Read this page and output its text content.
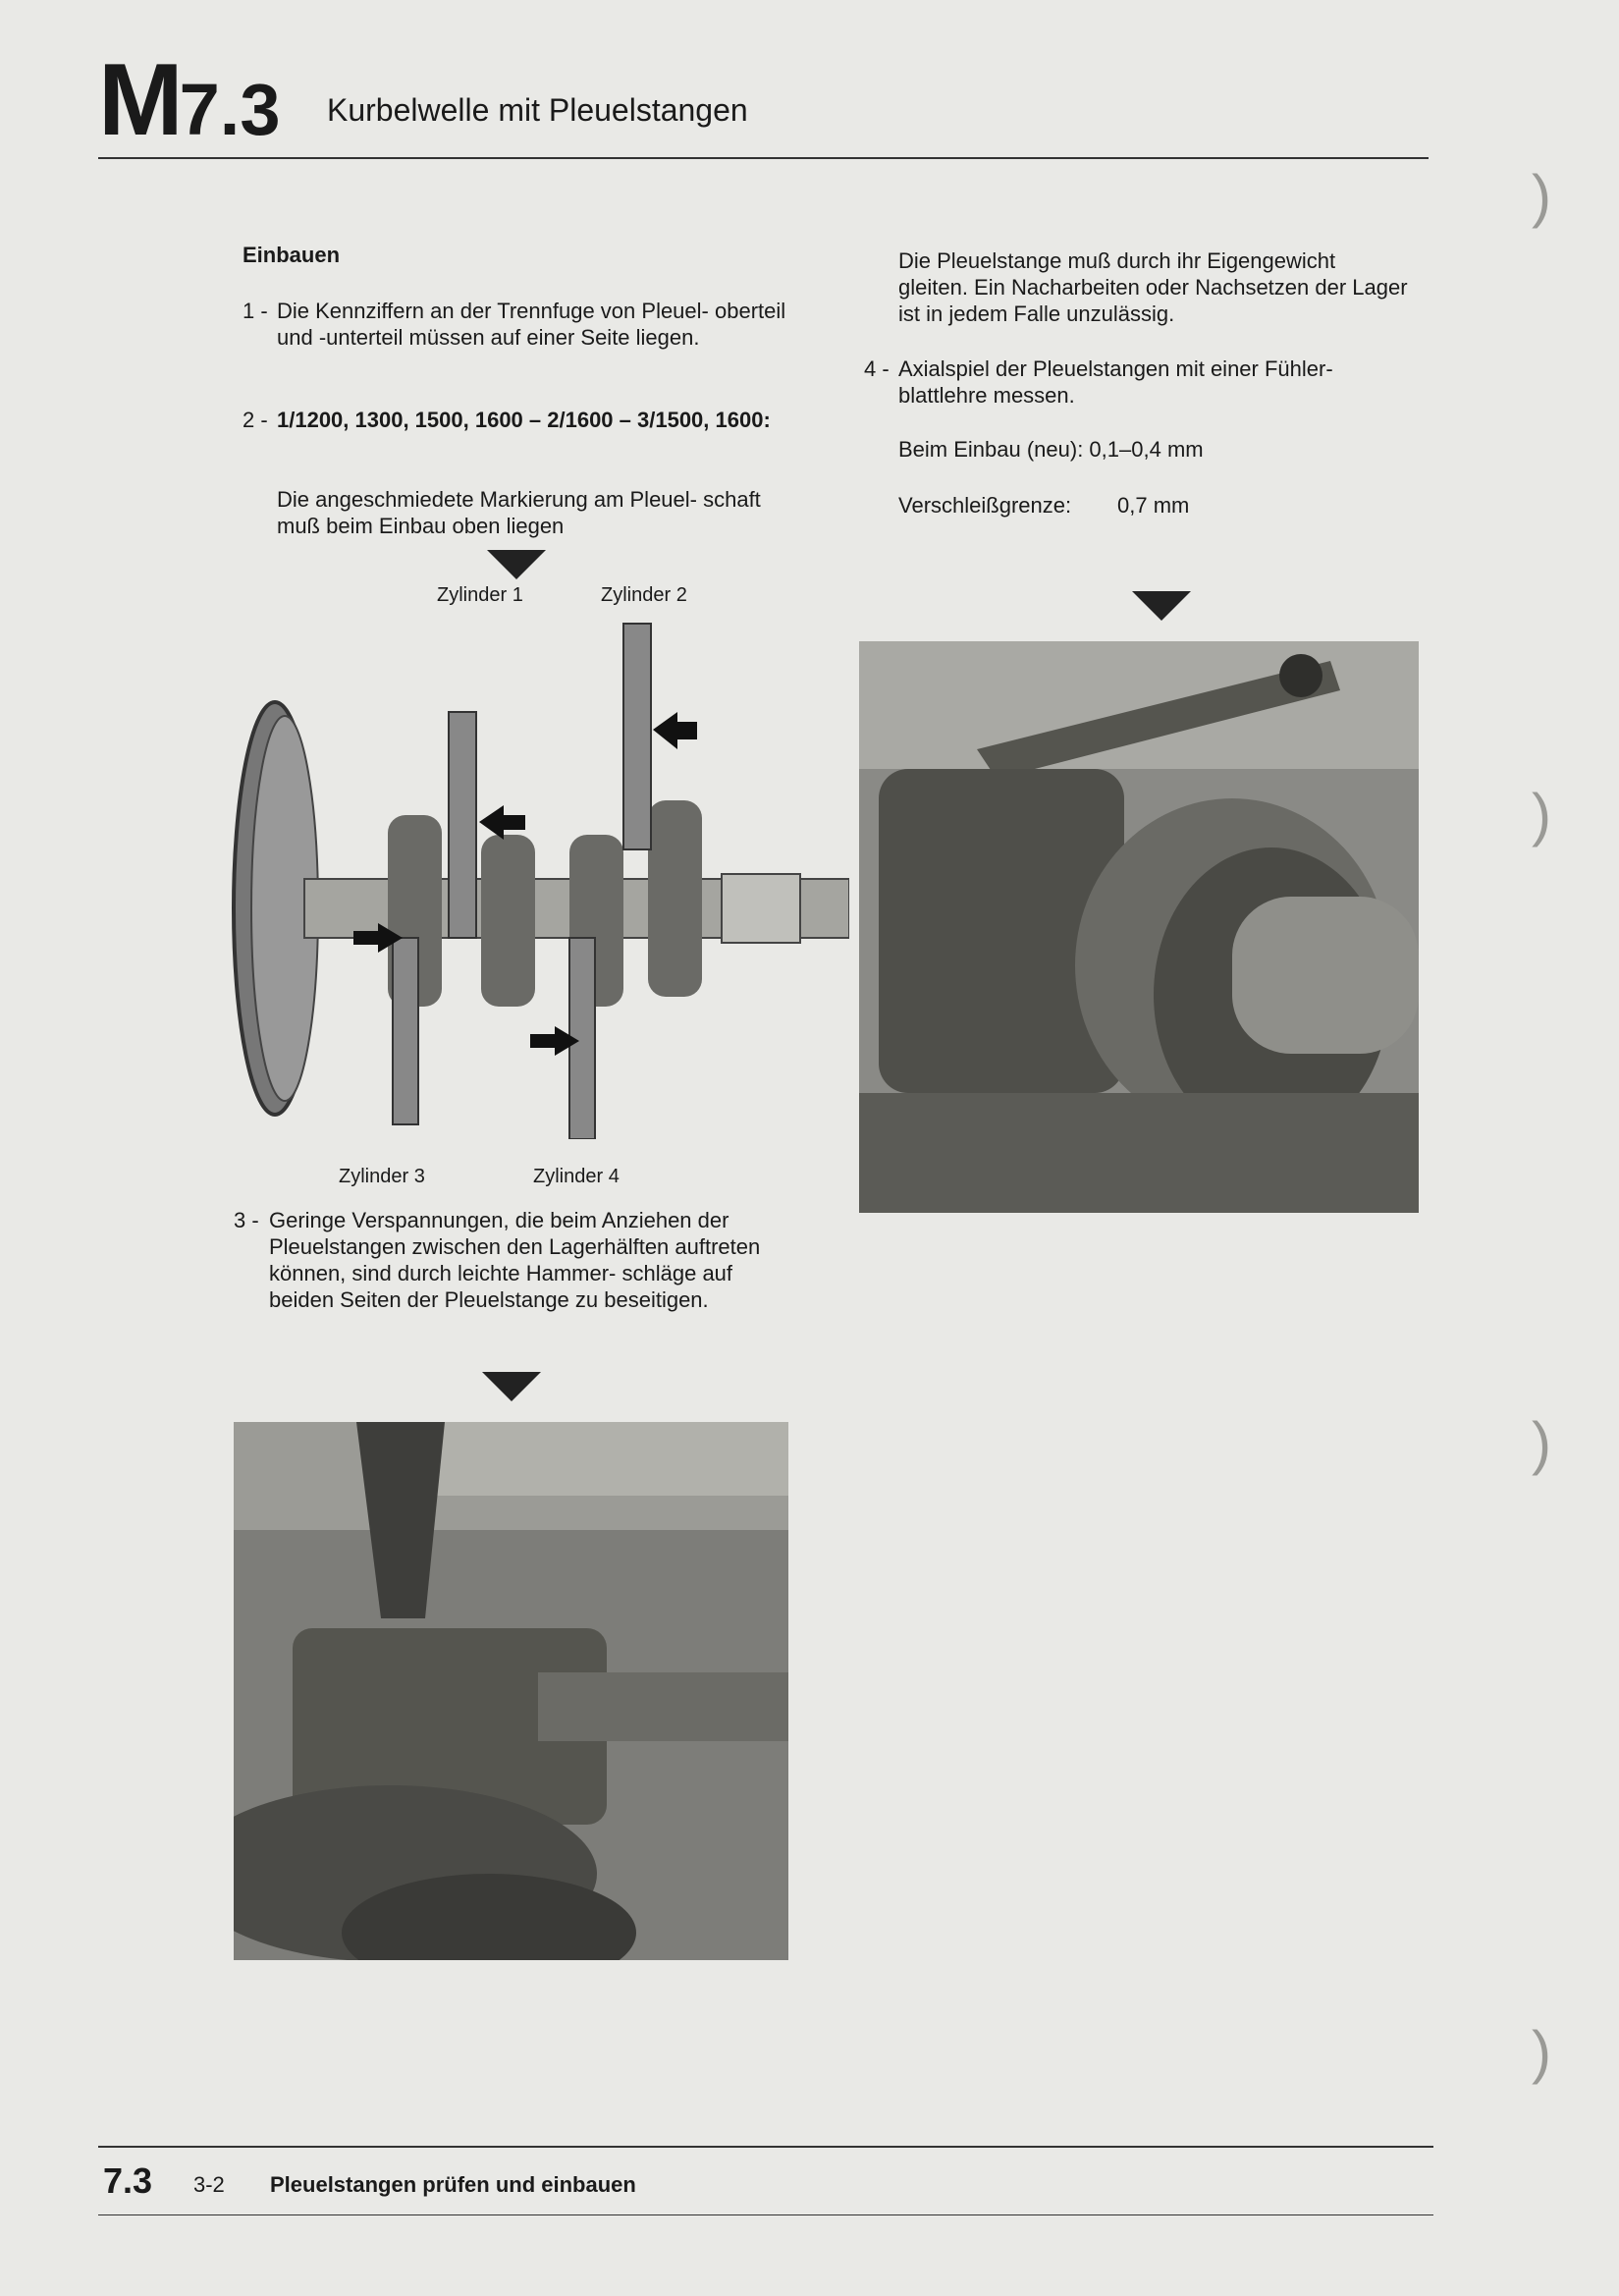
M7.3 Kurbelwelle mit Pleuelstangen
Einbauen
1 - Die Kennziffern an der Trennfuge von Pleuel- oberteil und -unterteil müssen auf einer Seite liegen.
2 - 1/1200, 1300, 1500, 1600 – 2/1600 – 3/1500, 1600:
Die angeschmiedete Markierung am Pleuel- schaft muß beim Einbau oben liegen
Zylinder 1	Zylinder 2
Zylinder 3	Zylinder 4
3 - Geringe Verspannungen, die beim Anziehen der Pleuelstangen zwischen den Lagerhälften auftreten können, sind durch leichte Hammer- schläge auf beiden Seiten der Pleuelstange zu beseitigen.
Die Pleuelstange muß durch ihr Eigengewicht gleiten. Ein Nacharbeiten oder Nachsetzen der Lager ist in jedem Falle unzulässig.
4 - Axialspiel der Pleuelstangen mit einer Fühler- blattlehre messen.
Beim Einbau (neu): 0,1–0,4 mm
Verschleißgrenze: 0,7 mm
)
)
)
)
7.3 3-2 Pleuelstangen prüfen und einbauen
